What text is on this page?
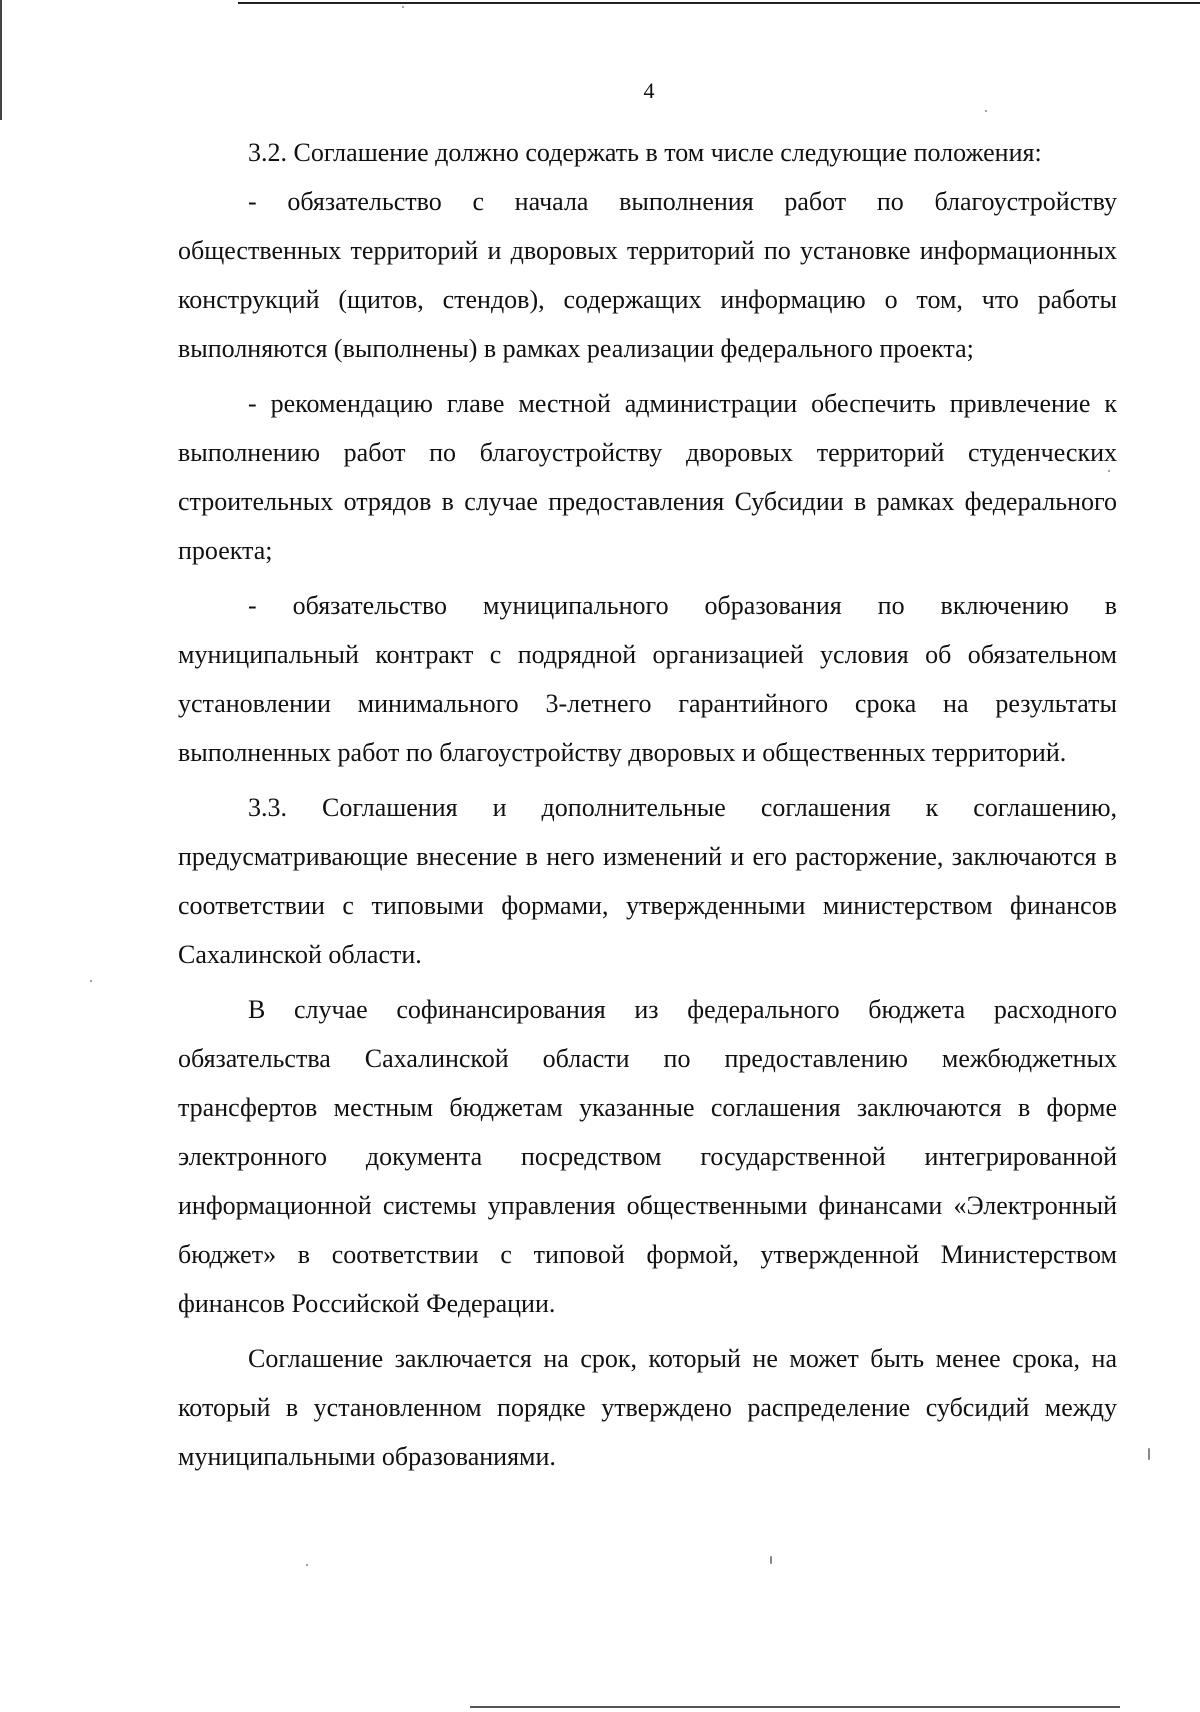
4

3.2. Соглашение должно содержать в том числе следующие положения:

- обязательство с начала выполнения работ по благоустройству общественных территорий и дворовых территорий по установке информационных конструкций (щитов, стендов), содержащих информацию о том, что работы выполняются (выполнены) в рамках реализации федерального проекта;

- рекомендацию главе местной администрации обеспечить привлечение к выполнению работ по благоустройству дворовых территорий студенческих строительных отрядов в случае предоставления Субсидии в рамках федерального проекта;

- обязательство муниципального образования по включению в муниципальный контракт с подрядной организацией условия об обязательном установлении минимального 3-летнего гарантийного срока на результаты выполненных работ по благоустройству дворовых и общественных территорий.

3.3. Соглашения и дополнительные соглашения к соглашению, предусматривающие внесение в него изменений и его расторжение, заключаются в соответствии с типовыми формами, утвержденными министерством финансов Сахалинской области.

В случае софинансирования из федерального бюджета расходного обязательства Сахалинской области по предоставлению межбюджетных трансфертов местным бюджетам указанные соглашения заключаются в форме электронного документа посредством государственной интегрированной информационной системы управления общественными финансами «Электронный бюджет» в соответствии с типовой формой, утвержденной Министерством финансов Российской Федерации.

Соглашение заключается на срок, который не может быть менее срока, на который в установленном порядке утверждено распределение субсидий между муниципальными образованиями.
